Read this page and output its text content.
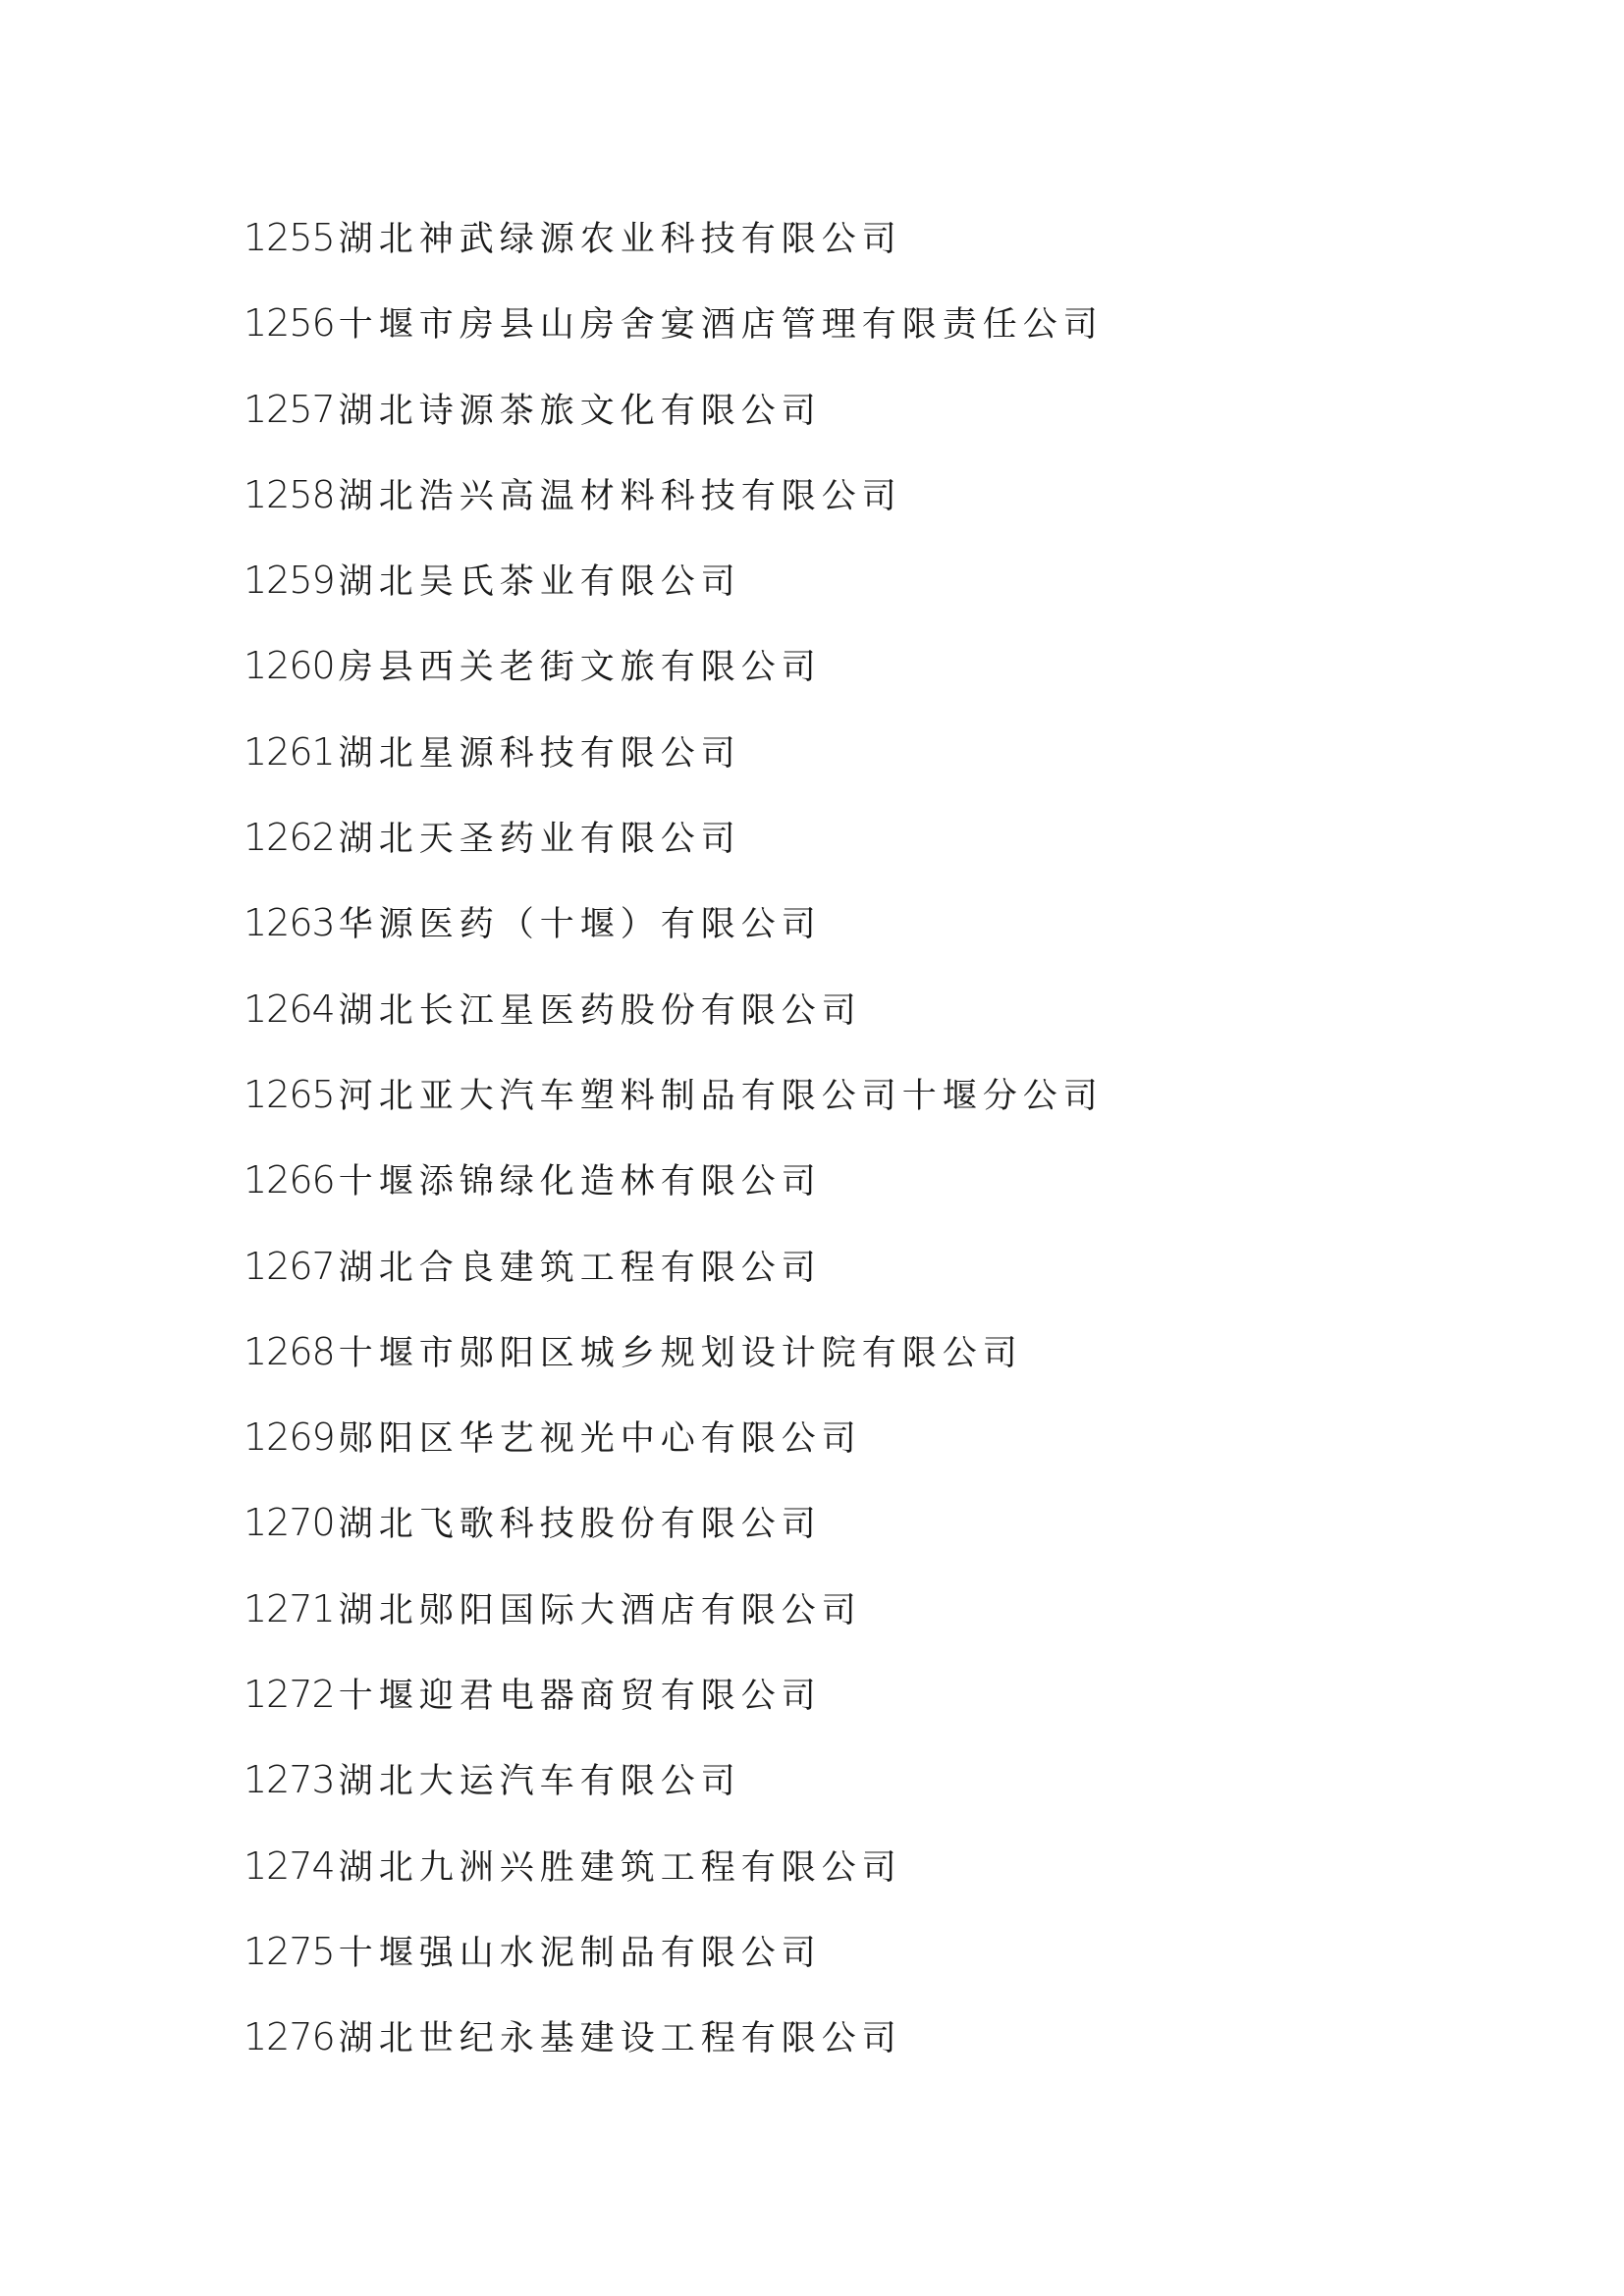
1255 湖北神武绿源农业科技有限公司
1256 十堰市房县山房舍宴酒店管理有限责任公司
1257 湖北诗源茶旅文化有限公司
1258 湖北浩兴高温材料科技有限公司
1259 湖北吴氏茶业有限公司
1260 房县西关老街文旅有限公司
1261 湖北星源科技有限公司
1262 湖北天圣药业有限公司
1263 华源医药（十堰）有限公司
1264 湖北长江星医药股份有限公司
1265 河北亚大汽车塑料制品有限公司十堰分公司
1266 十堰添锦绿化造林有限公司
1267 湖北合良建筑工程有限公司
1268 十堰市郧阳区城乡规划设计院有限公司
1269 郧阳区华艺视光中心有限公司
1270 湖北飞歌科技股份有限公司
1271 湖北郧阳国际大酒店有限公司
1272 十堰迎君电器商贸有限公司
1273 湖北大运汽车有限公司
1274 湖北九洲兴胜建筑工程有限公司
1275 十堰强山水泥制品有限公司
1276 湖北世纪永基建设工程有限公司
